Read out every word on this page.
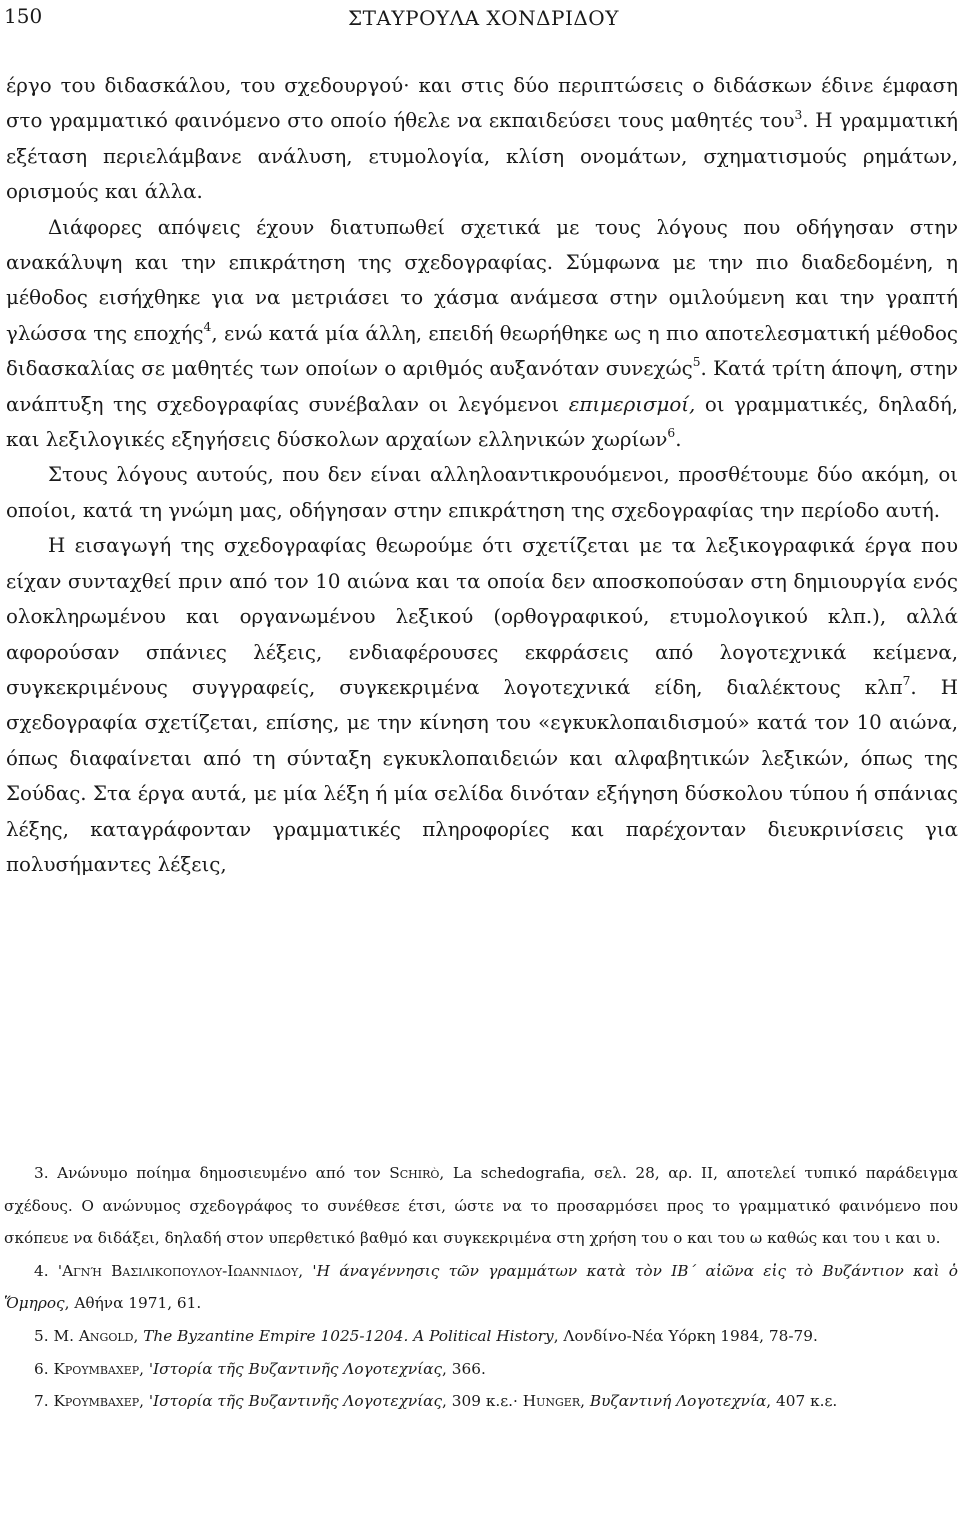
150	ΣΤΑΥΡΟΥΛΑ ΧΟΝΔΡΙΔΟΥ

έργο του διδασκάλου, του σχεδουργού· και στις δύο περιπτώσεις ο διδάσκων έδινε έμφαση στο γραμματικό φαινόμενο στο οποίο ήθελε να εκπαιδεύσει τους μαθητές του$^3$. Η γραμματική εξέταση περιελάμβανε ανάλυση, ετυμολογία, κλίση ονομάτων, σχηματισμούς ρημάτων, ορισμούς και άλλα.

Διάφορες απόψεις έχουν διατυπωθεί σχετικά με τους λόγους που οδήγησαν στην ανακάλυψη και την επικράτηση της σχεδογραφίας. Σύμφωνα με την πιο διαδεδομένη, η μέθοδος εισήχθηκε για να μετριάσει το χάσμα ανάμεσα στην ομιλούμενη και την γραπτή γλώσσα της εποχής$^4$, ενώ κατά μία άλλη, επειδή θεωρήθηκε ως η πιο αποτελεσματική μέθοδος διδασκαλίας σε μαθητές των οποίων ο αριθμός αυξανόταν συνεχώς$^5$. Κατά τρίτη άποψη, στην ανάπτυξη της σχεδογραφίας συνέβαλαν οι λεγόμενοι επιμερισμοί, οι γραμματικές, δηλαδή, και λεξιλογικές εξηγήσεις δύσκολων αρχαίων ελληνικών χωρίων$^6$.

Στους λόγους αυτούς, που δεν είναι αλληλοαντικρουόμενοι, προσθέτουμε δύο ακόμη, οι οποίοι, κατά τη γνώμη μας, οδήγησαν στην επικράτηση της σχεδογραφίας την περίοδο αυτή.

Η εισαγωγή της σχεδογραφίας θεωρούμε ότι σχετίζεται με τα λεξικογραφικά έργα που είχαν συνταχθεί πριν από τον 10 αιώνα και τα οποία δεν αποσκοπούσαν στη δημιουργία ενός ολοκληρωμένου και οργανωμένου λεξικού (ορθογραφικού, ετυμολογικού κλπ.), αλλά αφορούσαν σπάνιες λέξεις, ενδιαφέρουσες εκφράσεις από λογοτεχνικά κείμενα, συγκεκριμένους συγγραφείς, συγκεκριμένα λογοτεχνικά είδη, διαλέκτους κλπ$^7$. Η σχεδογραφία σχετίζεται, επίσης, με την κίνηση του «εγκυκλοπαιδισμού» κατά τον 10 αιώνα, όπως διαφαίνεται από τη σύνταξη εγκυκλοπαιδειών και αλφαβητικών λεξικών, όπως της Σούδας. Στα έργα αυτά, με μία λέξη ή μία σελίδα δινόταν εξήγηση δύσκολου τύπου ή σπάνιας λέξης, καταγράφονταν γραμματικές πληροφορίες και παρέχονταν διευκρινίσεις για πολυσήμαντες λέξεις,

3. Ανώνυμο ποίημα δημοσιευμένο από τον Schirò, La schedografia, σελ. 28, αρ. II, αποτελεί τυπικό παράδειγμα σχέδους. Ο ανώνυμος σχεδογράφος το συνέθεσε έτσι, ώστε να το προσαρμόσει προς το γραμματικό φαινόμενο που σκόπευε να διδάξει, δηλαδή στον υπερθετικό βαθμό και συγκεκριμένα στη χρήση του ο και του ω καθώς και του ι και υ.

4. 'Αγνή Βασιλικοπουλου-Ιωαννιδου, 'Η άναγέννησις τῶν γραμμάτων κατὰ τὸν ΙΒ΄ αἰῶνα εἰς τὸ Βυζάντιον καὶ ὁ Ὅμηρος, Αθήνα 1971, 61.

5. M. Angold, The Byzantine Empire 1025-1204. A Political History, Λονδίνο-Νέα Υόρκη 1984, 78-79.

6. Κρουμβαχερ, 'Ιστορία τῆς Βυζαντινῆς Λογοτεχνίας, 366.

7. Κρουμβαχερ, 'Ιστορία τῆς Βυζαντινῆς Λογοτεχνίας, 309 κ.ε.· Hunger, Βυζαντινή Λογοτεχνία, 407 κ.ε.
